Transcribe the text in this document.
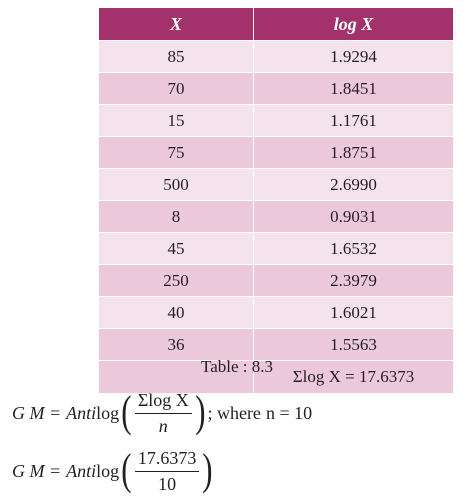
X	log X
85	1.9294
70	1.8451
15	1.1761
75	1.8751
500	2.6990
8	0.9031
45	1.6532
250	2.3979
40	1.6021
36	1.5563
	Σlog X = 17.6373
Table : 8.3
G M = Anti log ( $\frac{\text{Σlog X}}{n}$ ) ; where n = 10
G M = Anti log ( $\frac{17.6373}{10}$ )
